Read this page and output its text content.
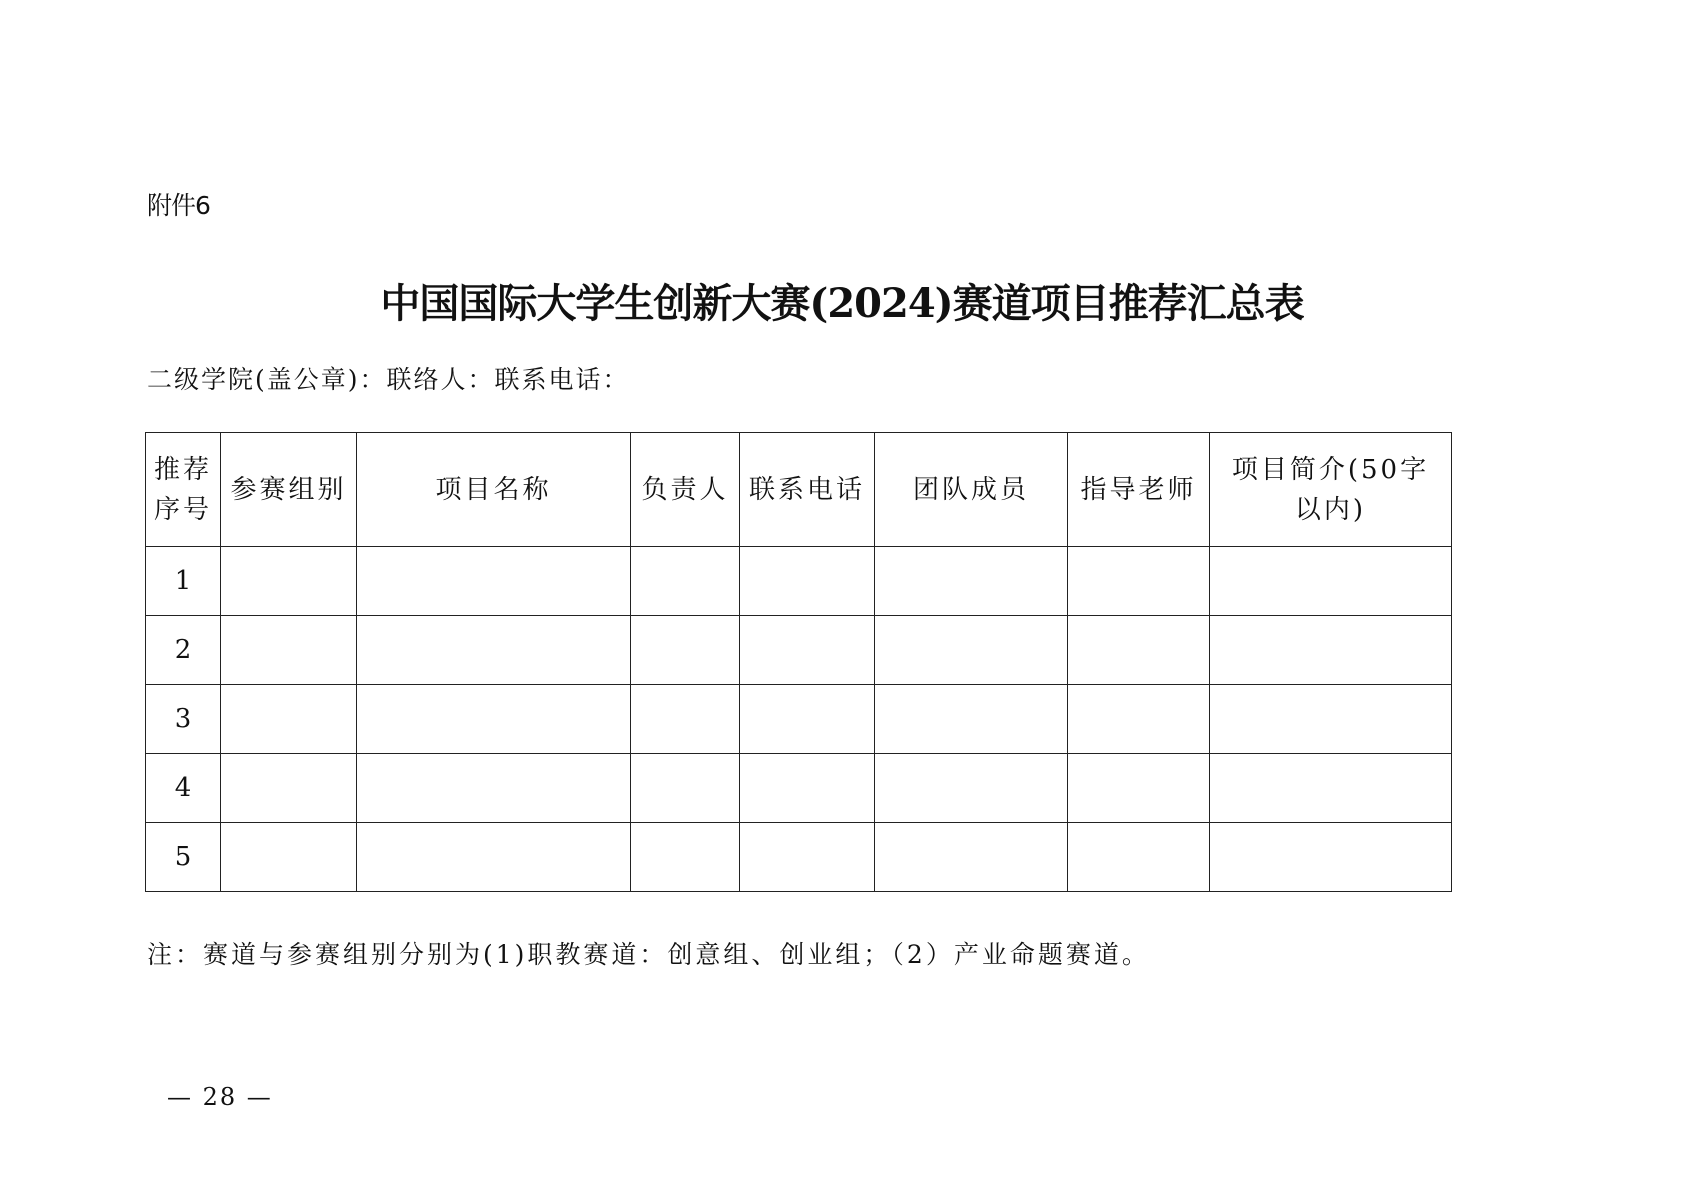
附件6
中国国际大学生创新大赛(2024)赛道项目推荐汇总表
二级学院(盖公章)：联络人：联系电话：
推荐
序号	参赛组别	项目名称	负责人	联系电话	团队成员	指导老师	项目简介(50字
以内)
1							
2							
3							
4							
5							
注：赛道与参赛组别分别为(1)职教赛道：创意组、创业组；（2）产业命题赛道。
— 28 —
